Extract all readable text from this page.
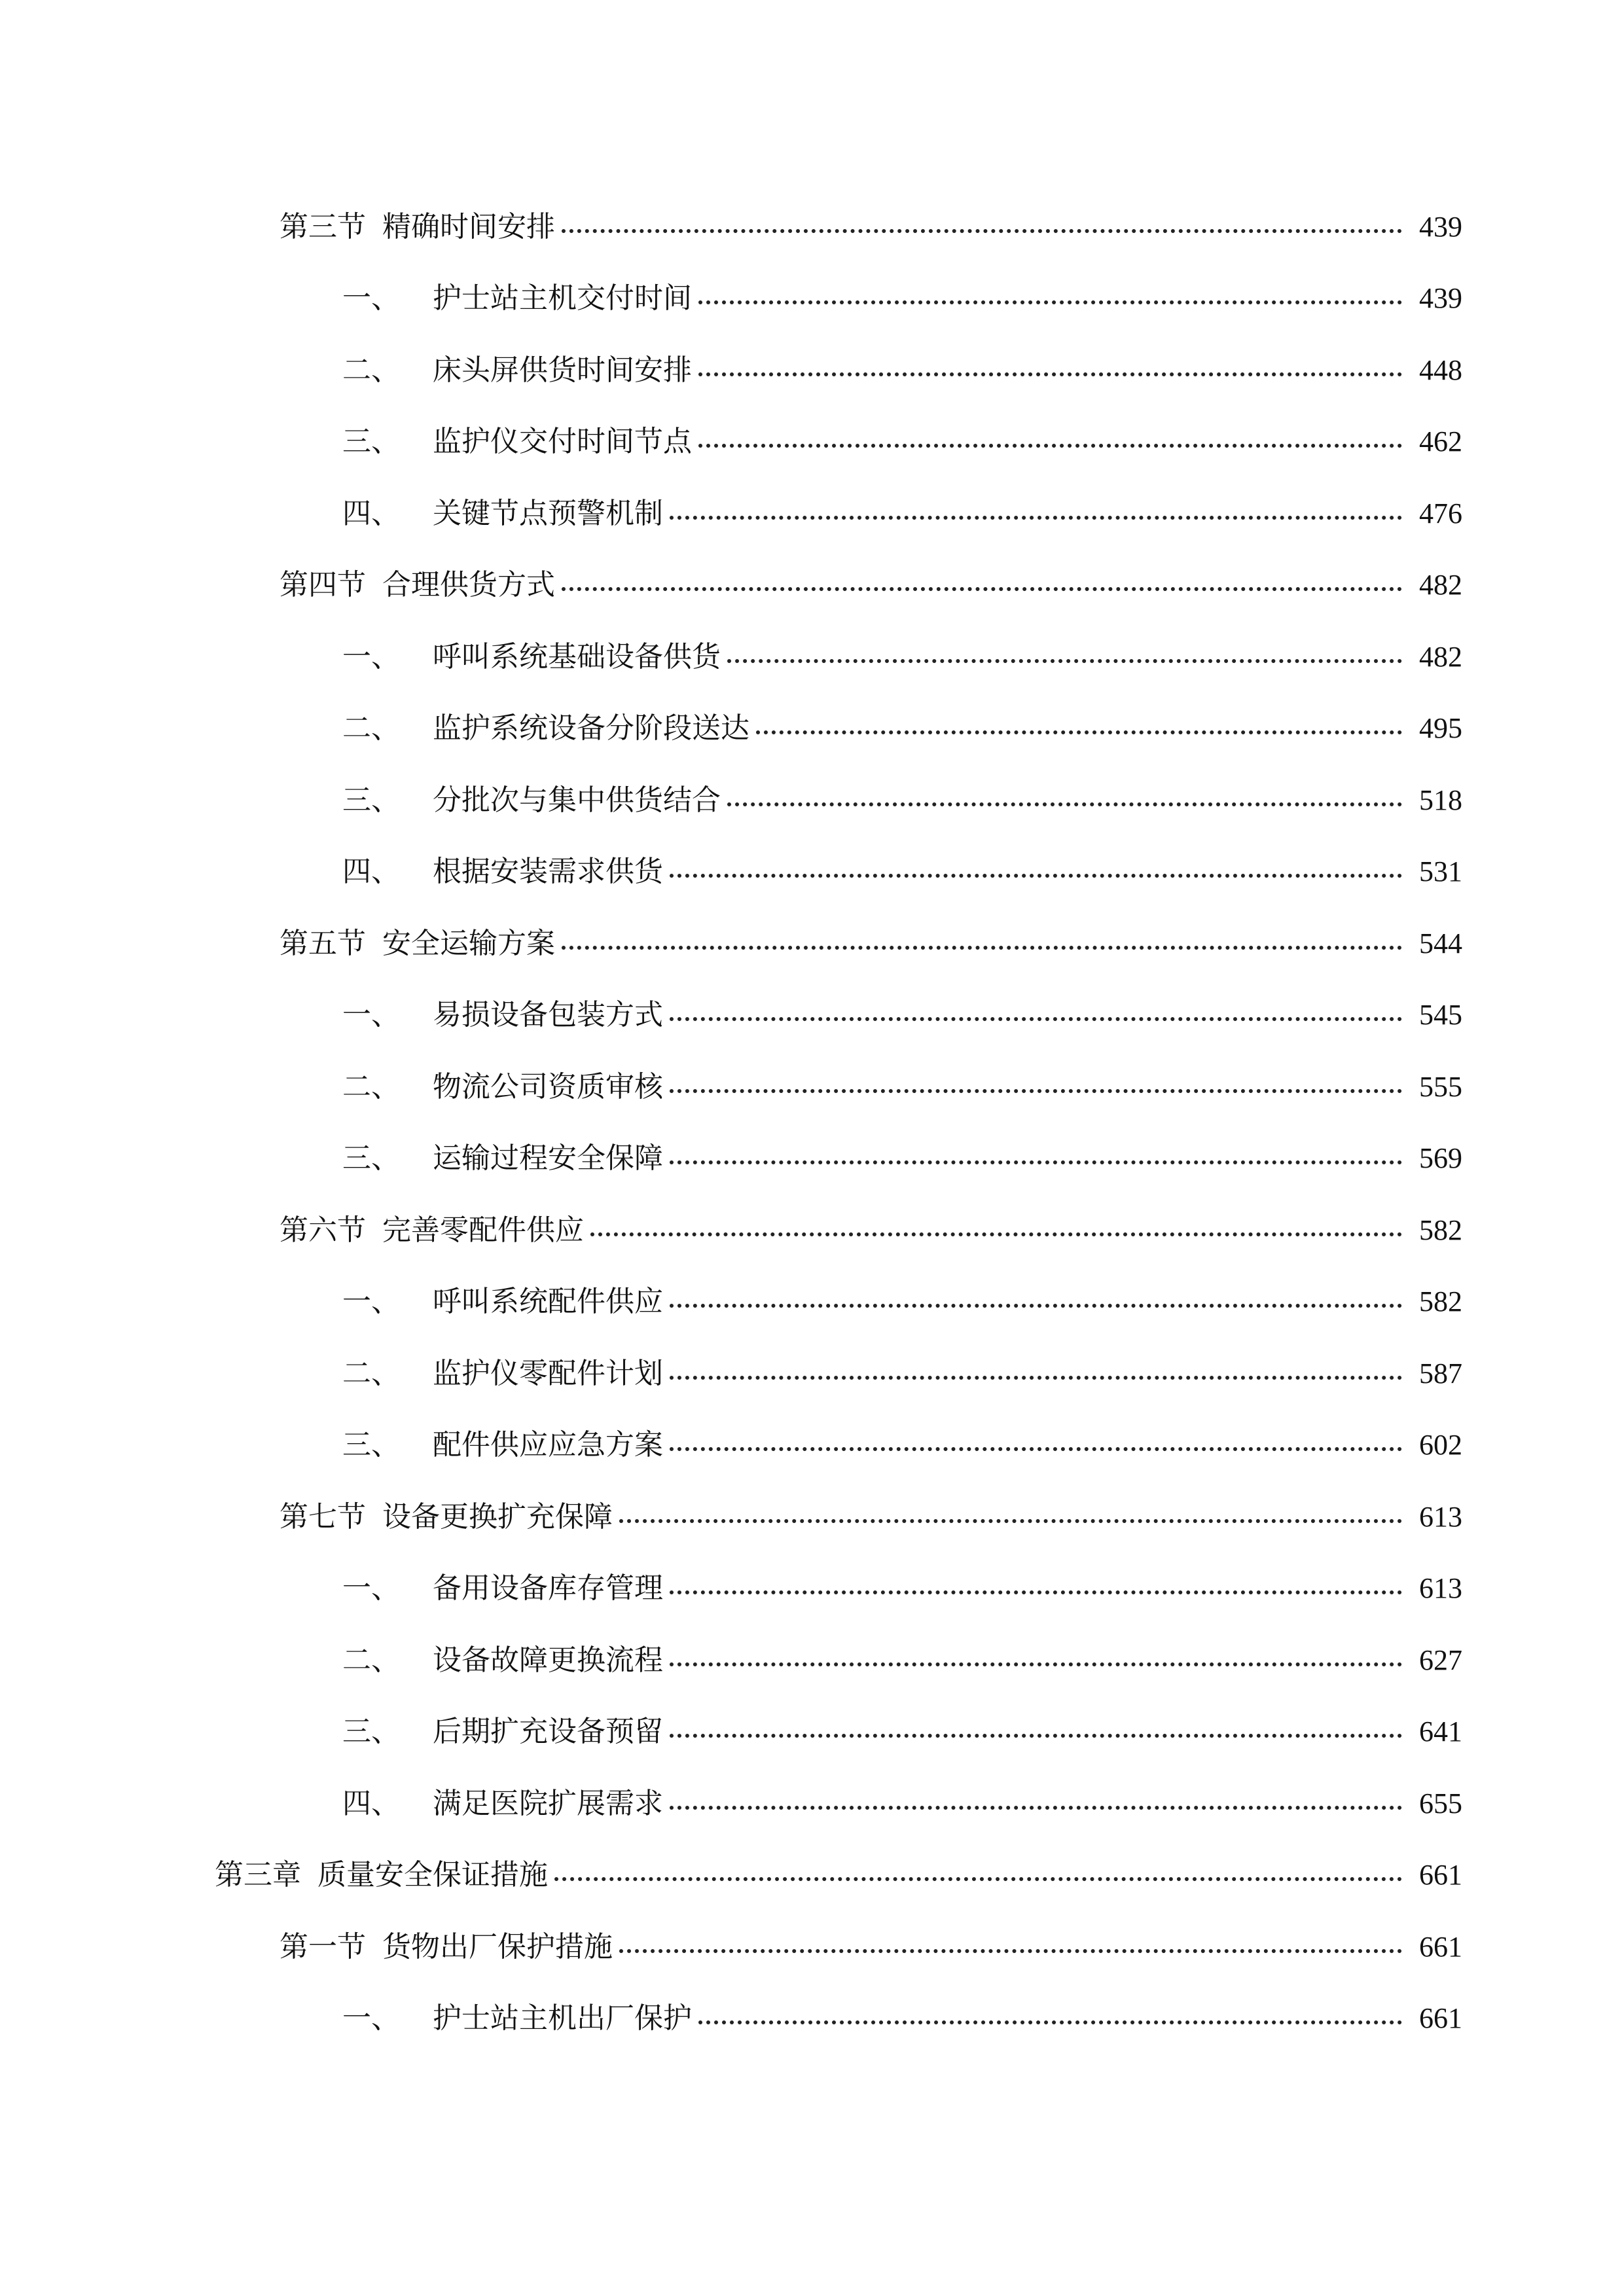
第三节 精确时间安排	439
一、 护士站主机交付时间	439
二、 床头屏供货时间安排	448
三、 监护仪交付时间节点	462
四、 关键节点预警机制	476
第四节 合理供货方式	482
一、 呼叫系统基础设备供货	482
二、 监护系统设备分阶段送达	495
三、 分批次与集中供货结合	518
四、 根据安装需求供货	531
第五节 安全运输方案	544
一、 易损设备包装方式	545
二、 物流公司资质审核	555
三、 运输过程安全保障	569
第六节 完善零配件供应	582
一、 呼叫系统配件供应	582
二、 监护仪零配件计划	587
三、 配件供应应急方案	602
第七节 设备更换扩充保障	613
一、 备用设备库存管理	613
二、 设备故障更换流程	627
三、 后期扩充设备预留	641
四、 满足医院扩展需求	655
第三章 质量安全保证措施	661
第一节 货物出厂保护措施	661
一、 护士站主机出厂保护	661
